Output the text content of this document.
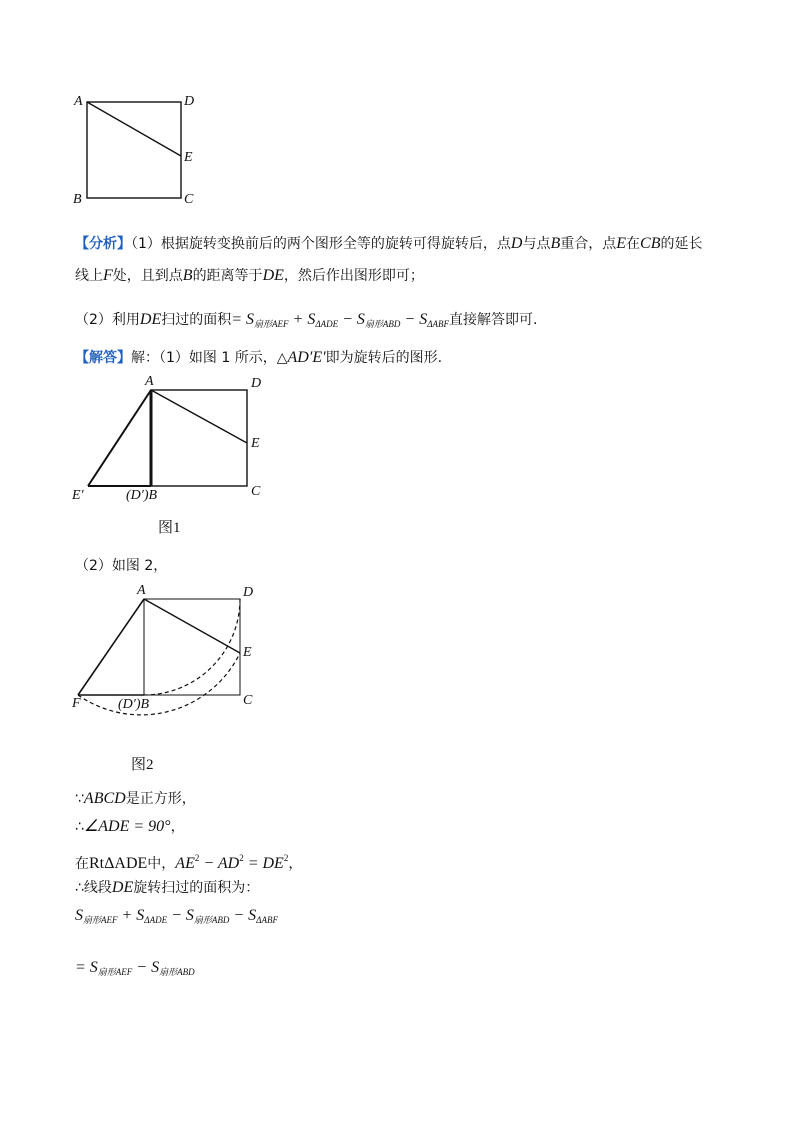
A	D
E
B	C
【分析】（1）根据旋转变换前后的两个图形全等的旋转可得旋转后，点D与点B重合，点E在CB的延长
线上F处，且到点B的距离等于DE，然后作出图形即可；
（2）利用DE扫过的面积= $S_{扇形AEF} + S_{\Delta ADE} - S_{扇形ABD} - S_{\Delta ABF}$直接解答即可.
【解答】解：（1）如图 1 所示，△AD′E′即为旋转后的图形.
A	D
E
E′	(D′)B	C
图1
（2）如图 2，
A	D
E
F	(D′)B	C
图2
∵ABCD是正方形，
∴∠ADE = 90°，
在RtΔADE中，$AE^2 - AD^2 = DE^2$，
∴线段DE旋转扫过的面积为：
$S_{扇形AEF} + S_{\Delta ADE} - S_{扇形ABD} - S_{\Delta ABF}$
= $S_{扇形AEF} - S_{扇形ABD}$
